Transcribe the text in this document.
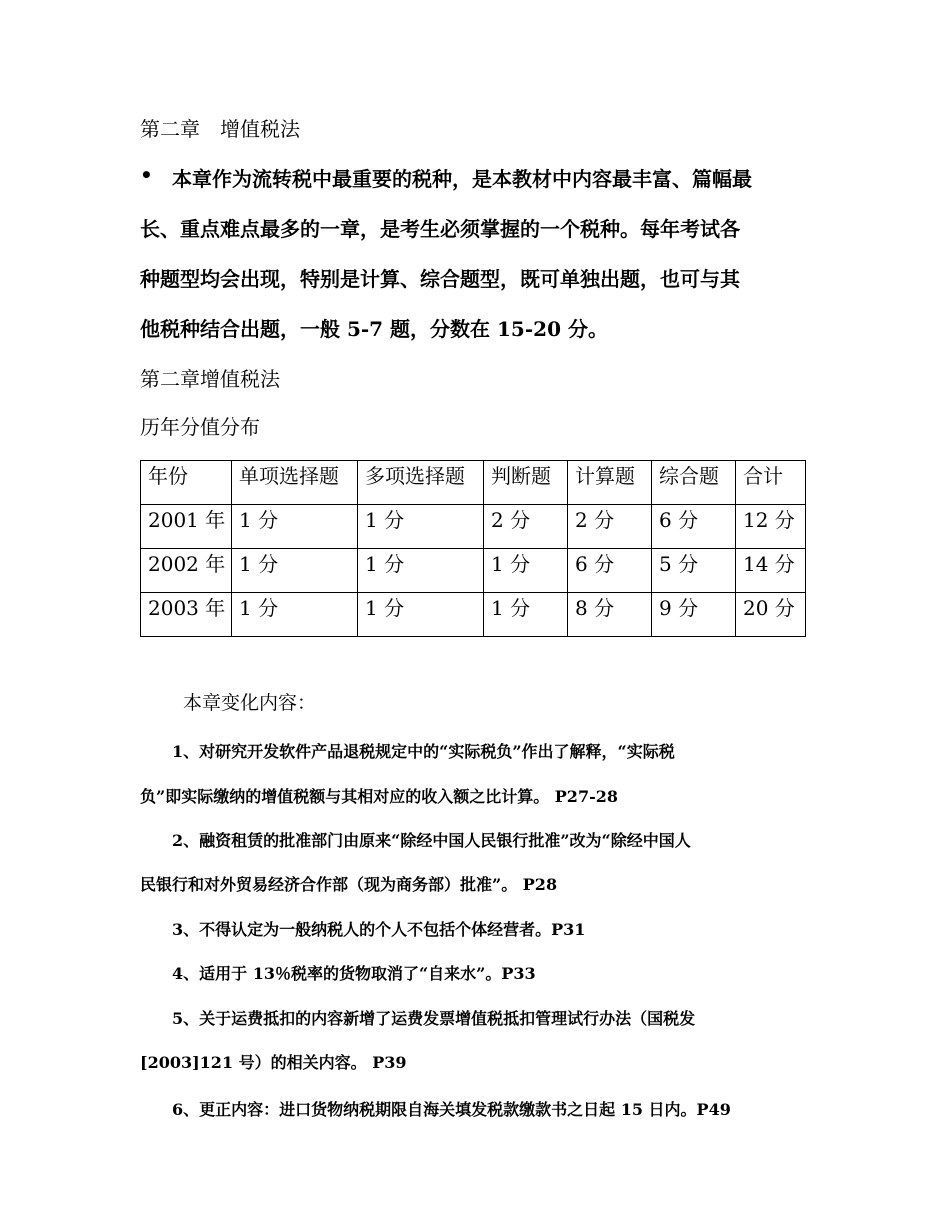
第二章　增值税法
• 本章作为流转税中最重要的税种，是本教材中内容最丰富、篇幅最
长、重点难点最多的一章，是考生必须掌握的一个税种。每年考试各
种题型均会出现，特别是计算、综合题型，既可单独出题，也可与其
他税种结合出题，一般 5-7 题，分数在 15-20 分。
第二章增值税法
历年分值分布
年份	单项选择题	多项选择题	判断题	计算题	综合题	合计
2001 年	1 分	1 分	2 分	2 分	6 分	12 分
2002 年	1 分	1 分	1 分	6 分	5 分	14 分
2003 年	1 分	1 分	1 分	8 分	9 分	20 分
本章变化内容：
　　1、对研究开发软件产品退税规定中的“实际税负”作出了解释，“实际税
负”即实际缴纳的增值税额与其相对应的收入额之比计算。 P27-28
　　2、融资租赁的批准部门由原来“除经中国人民银行批准”改为“除经中国人
民银行和对外贸易经济合作部（现为商务部）批准”。 P28
　　3、不得认定为一般纳税人的个人不包括个体经营者。P31
　　4、适用于 13％税率的货物取消了“自来水”。P33
　　5、关于运费抵扣的内容新增了运费发票增值税抵扣管理试行办法（国税发
[2003]121 号）的相关内容。 P39
　　6、更正内容：进口货物纳税期限自海关填发税款缴款书之日起 15 日内。P49
